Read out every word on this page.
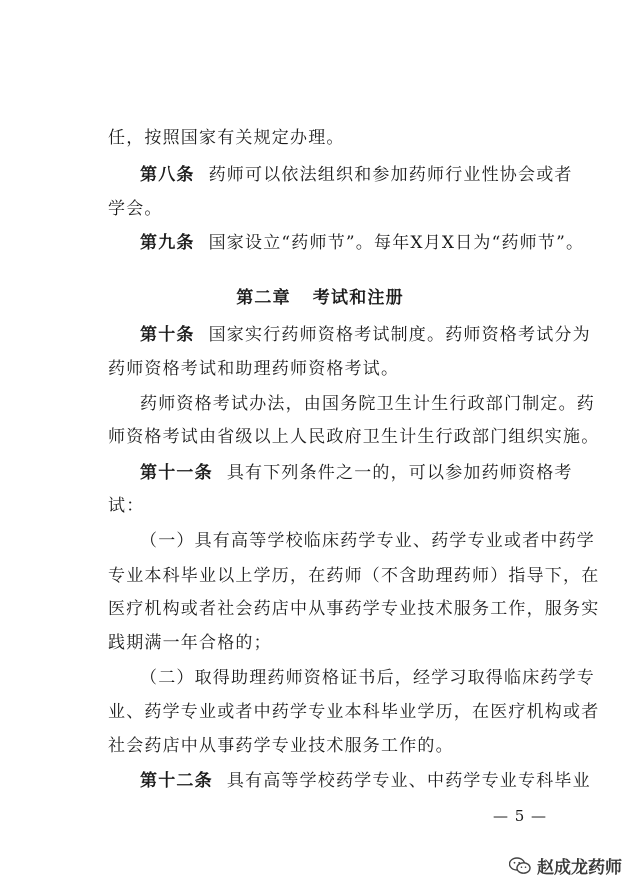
任，按照国家有关规定办理。
第八条 药师可以依法组织和参加药师行业性协会或者
学会。
第九条 国家设立“药师节”。每年X月X日为“药师节”。
第二章 考试和注册
第十条 国家实行药师资格考试制度。药师资格考试分为
药师资格考试和助理药师资格考试。
药师资格考试办法，由国务院卫生计生行政部门制定。药
师资格考试由省级以上人民政府卫生计生行政部门组织实施。
第十一条 具有下列条件之一的，可以参加药师资格考
试：
（一）具有高等学校临床药学专业、药学专业或者中药学
专业本科毕业以上学历，在药师（不含助理药师）指导下，在
医疗机构或者社会药店中从事药学专业技术服务工作，服务实
践期满一年合格的；
（二）取得助理药师资格证书后，经学习取得临床药学专
业、药学专业或者中药学专业本科毕业学历，在医疗机构或者
社会药店中从事药学专业技术服务工作的。
第十二条 具有高等学校药学专业、中药学专业专科毕业
— 5 —
赵成龙药师
